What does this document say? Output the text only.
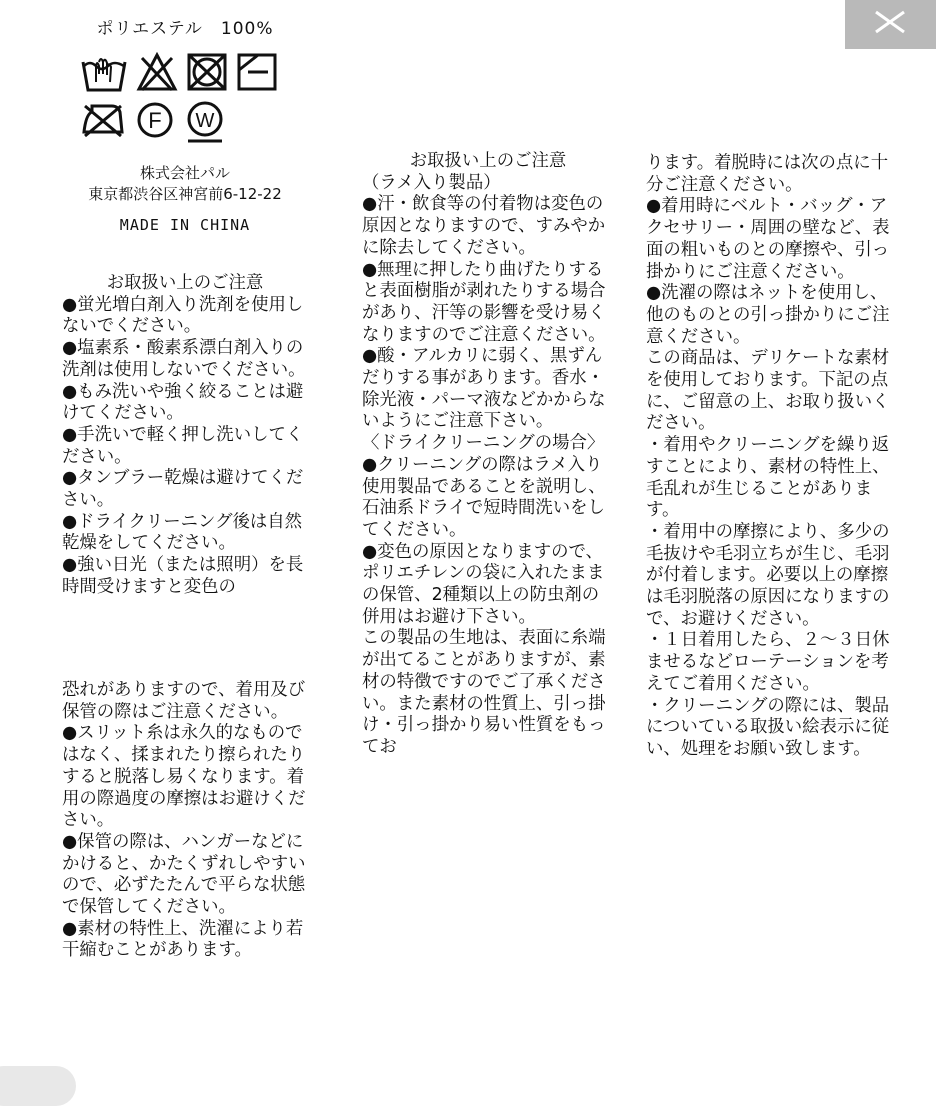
ポリエステル　100%
F W
株式会社パル
東京都渋谷区神宮前6-12-22
MADE IN CHINA

お取扱い上のご注意

●蛍光増白剤入り洗剤を使用しないでください。

●塩素系・酸素系漂白剤入りの洗剤は使用しないでください。

●もみ洗いや強く絞ることは避けてください。

●手洗いで軽く押し洗いしてください。

●タンブラー乾燥は避けてください。

●ドライクリーニング後は自然乾燥をしてください。

●強い日光（または照明）を長時間受けますと変色の

恐れがありますので、着用及び保管の際はご注意ください。

●スリット糸は永久的なものではなく、揉まれたり擦られたりすると脱落し易くなります。着用の際過度の摩擦はお避けください。

●保管の際は、ハンガーなどにかけると、かたくずれしやすいので、必ずたたんで平らな状態で保管してください。

●素材の特性上、洗濯により若干縮むことがあります。

お取扱い上のご注意

（ラメ入り製品）

●汗・飲食等の付着物は変色の原因となりますので、すみやかに除去してください。

●無理に押したり曲げたりすると表面樹脂が剥れたりする場合があり、汗等の影響を受け易くなりますのでご注意ください。

●酸・アルカリに弱く、黒ずんだりする事があります。香水・除光液・パーマ液などかからないようにご注意下さい。

〈ドライクリーニングの場合〉

●クリーニングの際はラメ入り使用製品であることを説明し、石油系ドライで短時間洗いをしてください。

●変色の原因となりますので、ポリエチレンの袋に入れたままの保管、2種類以上の防虫剤の併用はお避け下さい。

この製品の生地は、表面に糸端が出てることがありますが、素材の特徴ですのでご了承ください。また素材の性質上、引っ掛け・引っ掛かり易い性質をもってお

ります。着脱時には次の点に十分ご注意ください。

●着用時にベルト・バッグ・アクセサリー・周囲の壁など、表面の粗いものとの摩擦や、引っ掛かりにご注意ください。

●洗濯の際はネットを使用し、他のものとの引っ掛かりにご注意ください。

この商品は、デリケートな素材を使用しております。下記の点に、ご留意の上、お取り扱いください。

・着用やクリーニングを繰り返すことにより、素材の特性上、毛乱れが生じることがあります。

・着用中の摩擦により、多少の毛抜けや毛羽立ちが生じ、毛羽が付着します。必要以上の摩擦は毛羽脱落の原因になりますので、お避けください。

・１日着用したら、２～３日休ませるなどローテーションを考えてご着用ください。

・クリーニングの際には、製品についている取扱い絵表示に従い、処理をお願い致します。
